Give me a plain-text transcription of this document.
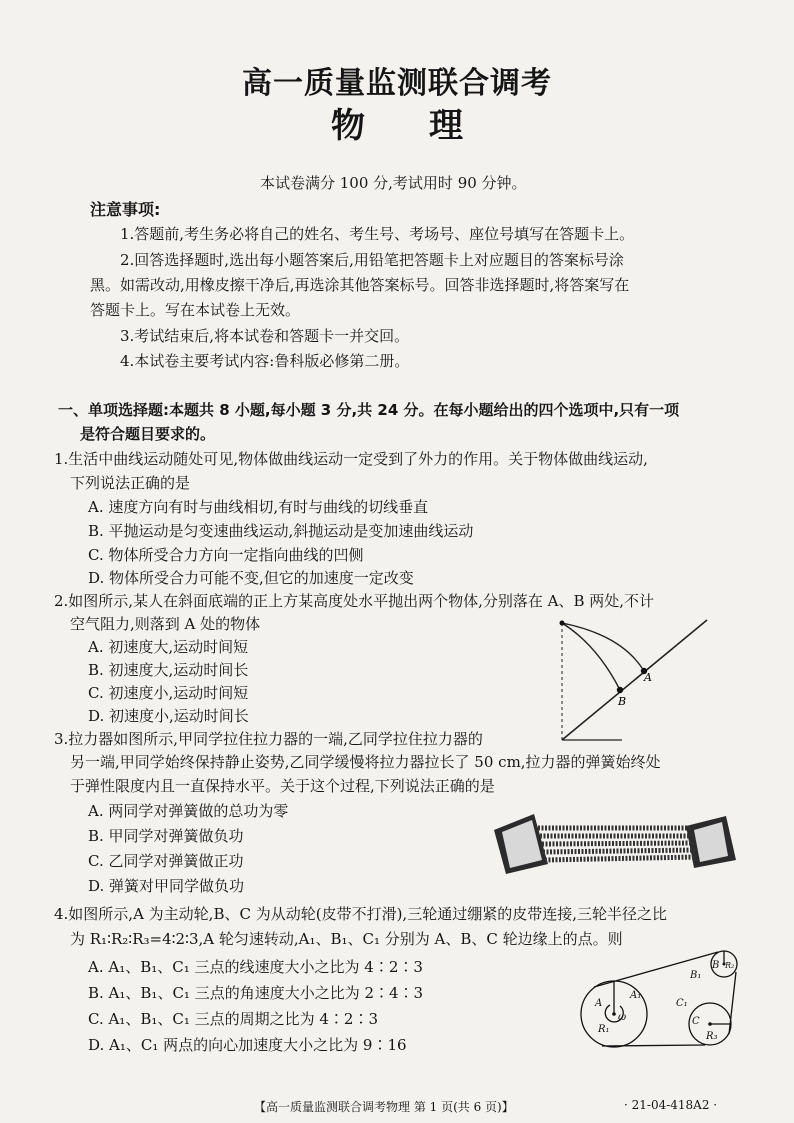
高一质量监测联合调考
物 理
本试卷满分 100 分,考试用时 90 分钟。
注意事项:
1.答题前,考生务必将自己的姓名、考生号、考场号、座位号填写在答题卡上。
2.回答选择题时,选出每小题答案后,用铅笔把答题卡上对应题目的答案标号涂
黑。如需改动,用橡皮擦干净后,再选涂其他答案标号。回答非选择题时,将答案写在
答题卡上。写在本试卷上无效。
3.考试结束后,将本试卷和答题卡一并交回。
4.本试卷主要考试内容:鲁科版必修第二册。
一、单项选择题:本题共 8 小题,每小题 3 分,共 24 分。在每小题给出的四个选项中,只有一项
是符合题目要求的。
1.生活中曲线运动随处可见,物体做曲线运动一定受到了外力的作用。关于物体做曲线运动,
下列说法正确的是
A. 速度方向有时与曲线相切,有时与曲线的切线垂直
B. 平抛运动是匀变速曲线运动,斜抛运动是变加速曲线运动
C. 物体所受合力方向一定指向曲线的凹侧
D. 物体所受合力可能不变,但它的加速度一定改变
2.如图所示,某人在斜面底端的正上方某高度处水平抛出两个物体,分别落在 A、B 两处,不计
空气阻力,则落到 A 处的物体
A. 初速度大,运动时间短
B. 初速度大,运动时间长
C. 初速度小,运动时间短
D. 初速度小,运动时间长
A
B
3.拉力器如图所示,甲同学拉住拉力器的一端,乙同学拉住拉力器的
另一端,甲同学始终保持静止姿势,乙同学缓慢将拉力器拉长了 50 cm,拉力器的弹簧始终处
于弹性限度内且一直保持水平。关于这个过程,下列说法正确的是
A. 两同学对弹簧做的总功为零
B. 甲同学对弹簧做负功
C. 乙同学对弹簧做正功
D. 弹簧对甲同学做负功
4.如图所示,A 为主动轮,B、C 为从动轮(皮带不打滑),三轮通过绷紧的皮带连接,三轮半径之比
为 R₁∶R₂∶R₃=4∶2∶3,A 轮匀速转动,A₁、B₁、C₁ 分别为 A、B、C 轮边缘上的点。则
A. A₁、B₁、C₁ 三点的线速度大小之比为 4∶2∶3
B. A₁、B₁、C₁ 三点的角速度大小之比为 2∶4∶3
C. A₁、B₁、C₁ 三点的周期之比为 4∶2∶3
D. A₁、C₁ 两点的向心加速度大小之比为 9∶16
A
A₁
ω
R₁
B₁
B R₂
C₁
C
R₃
【高一质量监测联合调考物理 第 1 页(共 6 页)】	· 21-04-418A2 ·
